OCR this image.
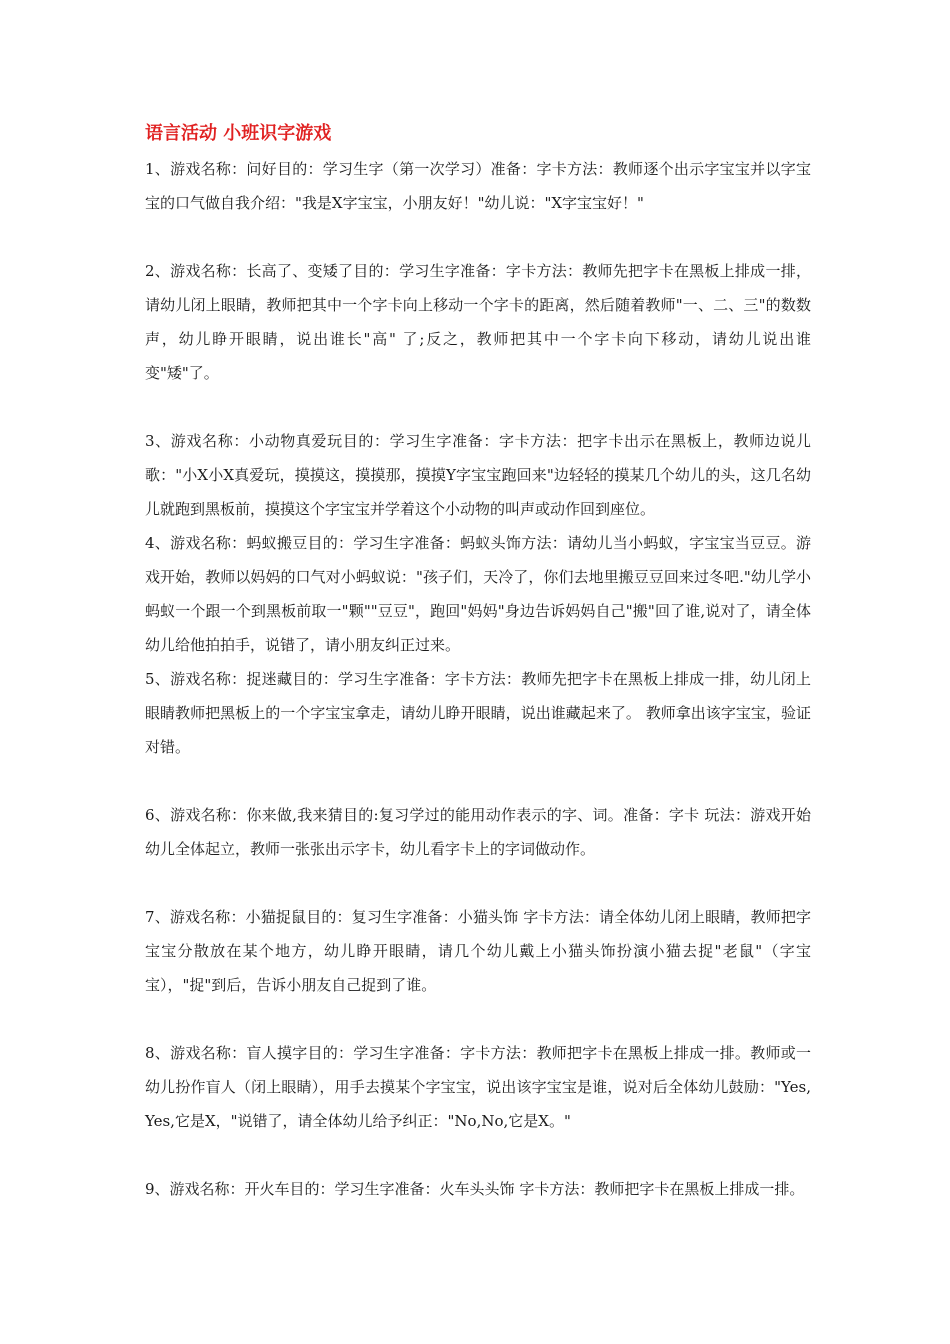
语言活动 小班识字游戏

1、游戏名称：问好目的：学习生字（第一次学习）准备：字卡方法：教师逐个出示字宝宝并以字宝宝的口气做自我介绍："我是X字宝宝，小朋友好！"幼儿说："X字宝宝好！"

2、游戏名称：长高了、变矮了目的：学习生字准备：字卡方法：教师先把字卡在黑板上排成一排，请幼儿闭上眼睛，教师把其中一个字卡向上移动一个字卡的距离，然后随着教师"一、二、三"的数数声，幼儿睁开眼睛，说出谁长"高" 了;反之，教师把其中一个字卡向下移动，请幼儿说出谁变"矮"了。

3、游戏名称：小动物真爱玩目的：学习生字准备：字卡方法：把字卡出示在黑板上，教师边说儿歌："小X小X真爱玩，摸摸这，摸摸那，摸摸Y字宝宝跑回来"边轻轻的摸某几个幼儿的头，这几名幼儿就跑到黑板前，摸摸这个字宝宝并学着这个小动物的叫声或动作回到座位。

4、游戏名称：蚂蚁搬豆目的：学习生字准备：蚂蚁头饰方法：请幼儿当小蚂蚁，字宝宝当豆豆。游戏开始，教师以妈妈的口气对小蚂蚁说："孩子们，天冷了，你们去地里搬豆豆回来过冬吧."幼儿学小蚂蚁一个跟一个到黑板前取一"颗""豆豆"，跑回"妈妈"身边告诉妈妈自己"搬"回了谁,说对了，请全体幼儿给他拍拍手，说错了，请小朋友纠正过来。

5、游戏名称：捉迷藏目的：学习生字准备：字卡方法：教师先把字卡在黑板上排成一排，幼儿闭上眼睛教师把黑板上的一个字宝宝拿走，请幼儿睁开眼睛，说出谁藏起来了。 教师拿出该字宝宝，验证对错。

6、游戏名称：你来做,我来猜目的:复习学过的能用动作表示的字、词。准备：字卡 玩法：游戏开始幼儿全体起立，教师一张张出示字卡，幼儿看字卡上的字词做动作。

7、游戏名称：小猫捉鼠目的：复习生字准备：小猫头饰 字卡方法：请全体幼儿闭上眼睛，教师把字宝宝分散放在某个地方，幼儿睁开眼睛，请几个幼儿戴上小猫头饰扮演小猫去捉"老鼠"（字宝宝），"捉"到后，告诉小朋友自己捉到了谁。

8、游戏名称：盲人摸字目的：学习生字准备：字卡方法：教师把字卡在黑板上排成一排。教师或一幼儿扮作盲人（闭上眼睛），用手去摸某个字宝宝，说出该字宝宝是谁，说对后全体幼儿鼓励："Yes,Yes,它是X，"说错了，请全体幼儿给予纠正："No,No,它是X。"

9、游戏名称：开火车目的：学习生字准备：火车头头饰 字卡方法：教师把字卡在黑板上排成一排。
